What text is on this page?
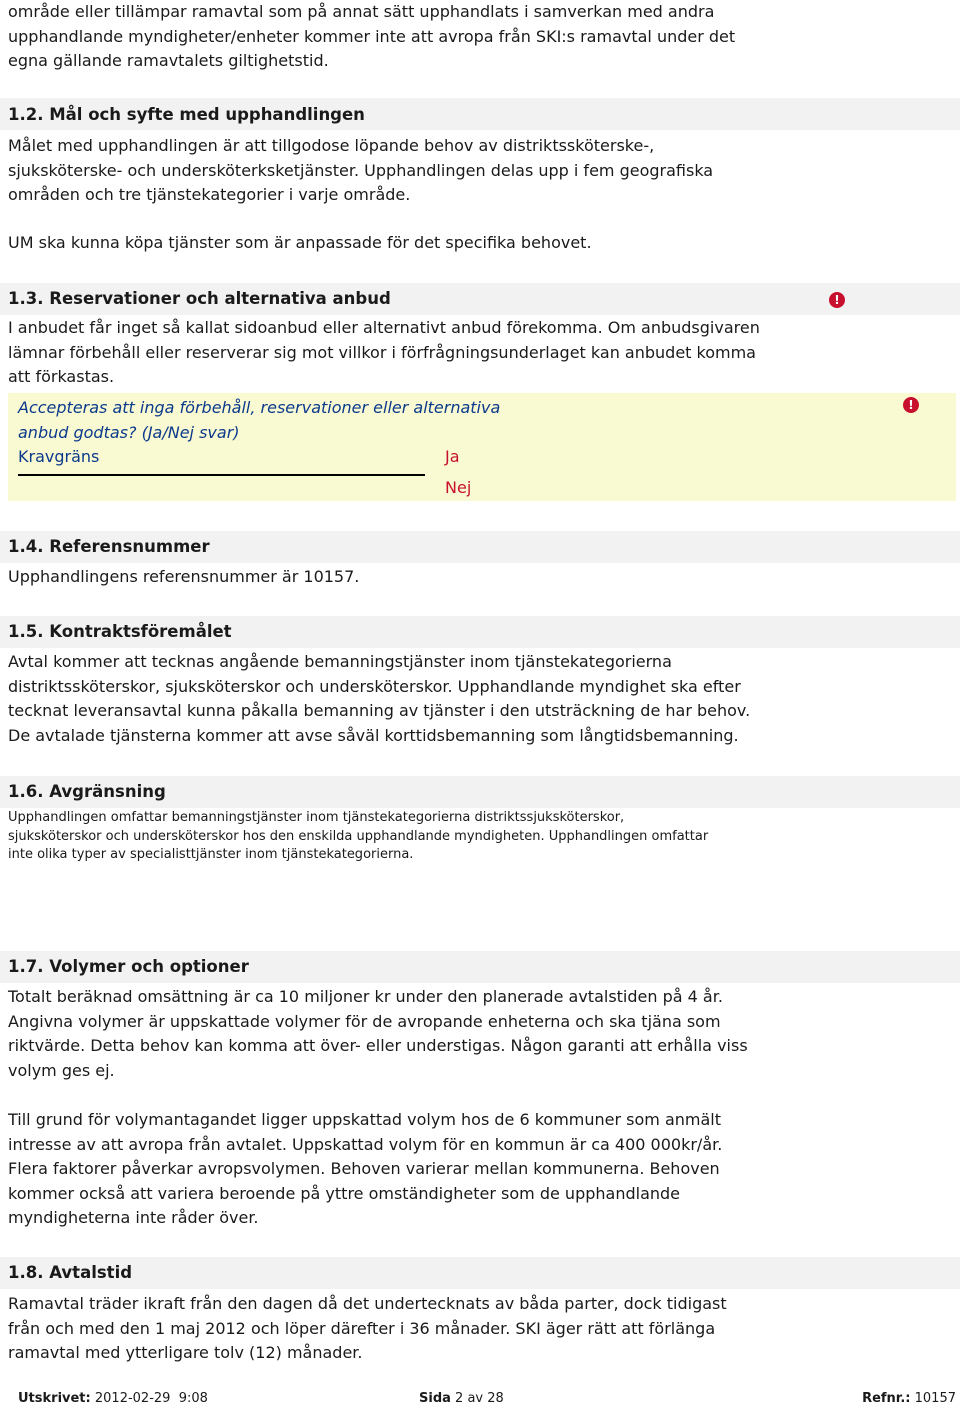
område eller tillämpar ramavtal som på annat sätt upphandlats i samverkan med andra
upphandlande myndigheter/enheter kommer inte att avropa från SKI:s ramavtal under det
egna gällande ramavtalets giltighetstid.

1.2. Mål och syfte med upphandlingen

Målet med upphandlingen är att tillgodose löpande behov av distriktssköterske-,
sjuksköterske- och undersköterksketjänster. Upphandlingen delas upp i fem geografiska
områden och tre tjänstekategorier i varje område.

UM ska kunna köpa tjänster som är anpassade för det specifika behovet.

1.3. Reservationer och alternativa anbud	!

I anbudet får inget så kallat sidoanbud eller alternativt anbud förekomma. Om anbudsgivaren
lämnar förbehåll eller reserverar sig mot villkor i förfrågningsunderlaget kan anbudet komma
att förkastas.

Accepteras att inga förbehåll, reservationer eller alternativa
anbud godtas? (Ja/Nej svar)

!
Kravgräns	Ja
Nej
1.4. Referensnummer

Upphandlingens referensnummer är 10157.

1.5. Kontraktsföremålet

Avtal kommer att tecknas angående bemanningstjänster inom tjänstekategorierna
distriktssköterskor, sjuksköterskor och undersköterskor. Upphandlande myndighet ska efter
tecknat leveransavtal kunna påkalla bemanning av tjänster i den utsträckning de har behov.
De avtalade tjänsterna kommer att avse såväl korttidsbemanning som långtidsbemanning.

1.6. Avgränsning

Upphandlingen omfattar bemanningstjänster inom tjänstekategorierna distriktssjuksköterskor,
sjuksköterskor och undersköterskor hos den enskilda upphandlande myndigheten. Upphandlingen omfattar
inte olika typer av specialisttjänster inom tjänstekategorierna.

1.7. Volymer och optioner

Totalt beräknad omsättning är ca 10 miljoner kr under den planerade avtalstiden på 4 år.
Angivna volymer är uppskattade volymer för de avropande enheterna och ska tjäna som
riktvärde. Detta behov kan komma att över- eller understigas. Någon garanti att erhålla viss
volym ges ej.

Till grund för volymantagandet ligger uppskattad volym hos de 6 kommuner som anmält
intresse av att avropa från avtalet. Uppskattad volym för en kommun är ca 400 000kr/år.
Flera faktorer påverkar avropsvolymen. Behoven varierar mellan kommunerna. Behoven
kommer också att variera beroende på yttre omständigheter som de upphandlande
myndigheterna inte råder över.

1.8. Avtalstid

Ramavtal träder ikraft från den dagen då det undertecknats av båda parter, dock tidigast
från och med den 1 maj 2012 och löper därefter i 36 månader. SKI äger rätt att förlänga
ramavtal med ytterligare tolv (12) månader.

Utskrivet: 2012-02-29  9:08	Sida 2 av 28	Refnr.: 10157
